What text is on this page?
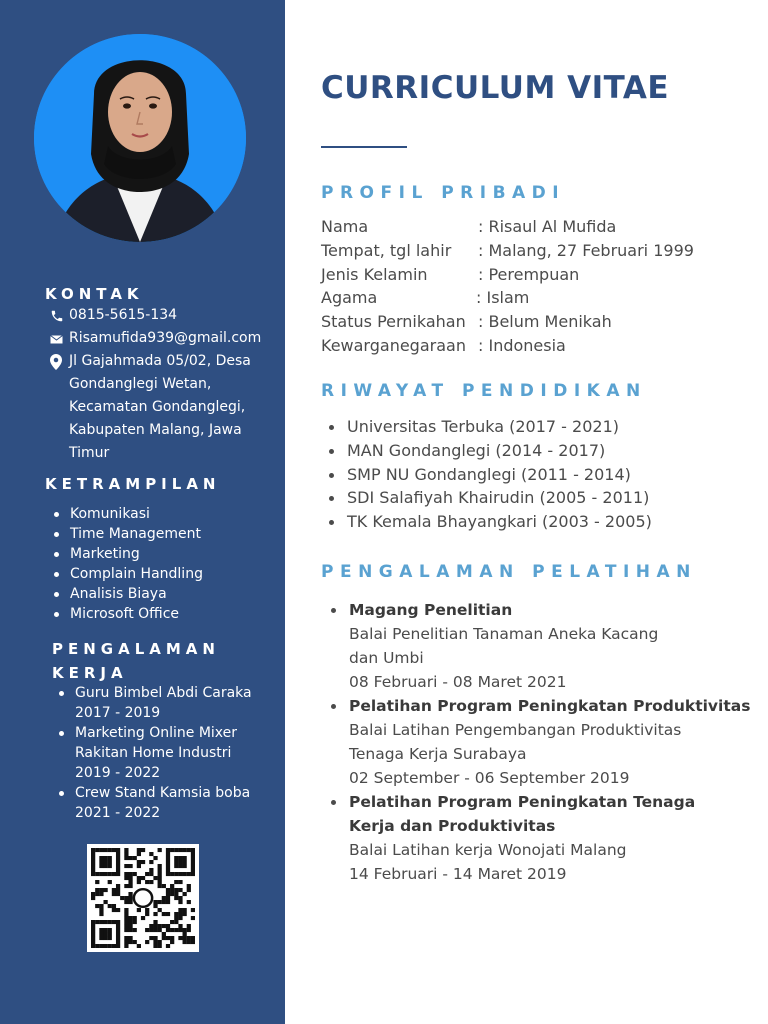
KONTAK
0815-5615-134
Risamufida939@gmail.com
Jl Gajahmada 05/02, Desa Gondanglegi Wetan, Kecamatan Gondanglegi, Kabupaten Malang, Jawa Timur
KETRAMPILAN
Komunikasi
Time Management
Marketing
Complain Handling
Analisis Biaya
Microsoft Office
PENGALAMAN
KERJA
Guru Bimbel Abdi Caraka
2017 - 2019
Marketing Online Mixer Rakitan Home Industri
2019 - 2022
Crew Stand Kamsia boba
2021 - 2022
CURRICULUM VITAE
PROFIL PRIBADI
Nama	: Risaul Al Mufida
Tempat, tgl lahir	: Malang, 27 Februari 1999
Jenis Kelamin	: Perempuan
Agama	: Islam
Status Pernikahan : Belum Menikah
Kewarganegaraan : Indonesia
RIWAYAT PENDIDIKAN
Universitas Terbuka (2017 - 2021)
MAN Gondanglegi (2014 - 2017)
SMP NU Gondanglegi (2011 - 2014)
SDI Salafiyah Khairudin (2005 - 2011)
TK Kemala Bhayangkari (2003 - 2005)
PENGALAMAN PELATIHAN
Magang Penelitian
Balai Penelitian Tanaman Aneka Kacang
dan Umbi
08 Februari - 08 Maret 2021
Pelatihan Program Peningkatan Produktivitas
Balai Latihan Pengembangan Produktivitas
Tenaga Kerja Surabaya
02 September - 06 September 2019
Pelatihan Program Peningkatan Tenaga
Kerja dan Produktivitas
Balai Latihan kerja Wonojati Malang
14 Februari - 14 Maret 2019
